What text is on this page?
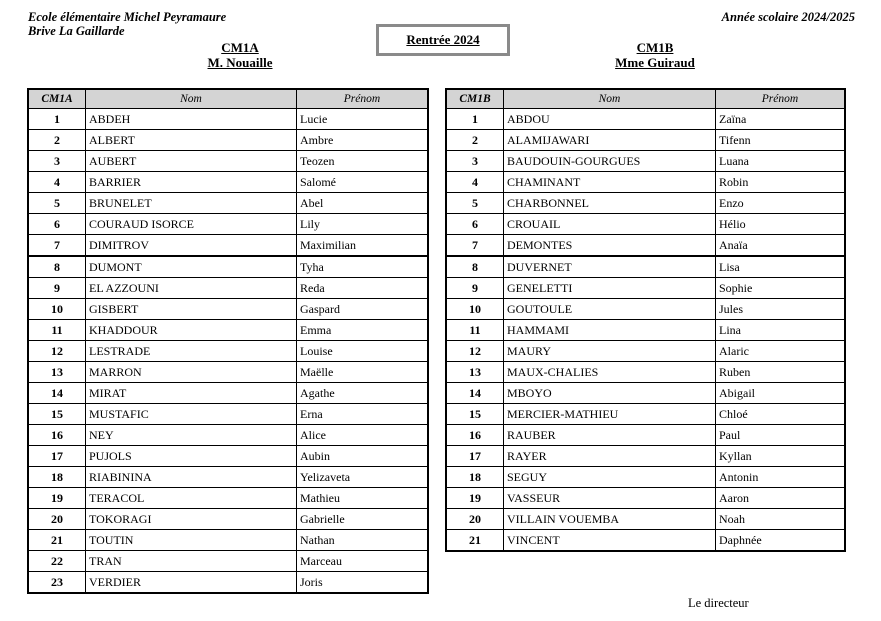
Ecole élémentaire Michel Peyramaure
Brive La Gaillarde
Année scolaire 2024/2025
Rentrée 2024
CM1A
M. Nouaille
CM1B
Mme Guiraud
CM1A	Nom	Prénom
1	ABDEH	Lucie
2	ALBERT	Ambre
3	AUBERT	Teozen
4	BARRIER	Salomé
5	BRUNELET	Abel
6	COURAUD ISORCE	Lily
7	DIMITROV	Maximilian
8	DUMONT	Tyha
9	EL AZZOUNI	Reda
10	GISBERT	Gaspard
11	KHADDOUR	Emma
12	LESTRADE	Louise
13	MARRON	Maëlle
14	MIRAT	Agathe
15	MUSTAFIC	Erna
16	NEY	Alice
17	PUJOLS	Aubin
18	RIABININA	Yelizaveta
19	TERACOL	Mathieu
20	TOKORAGI	Gabrielle
21	TOUTIN	Nathan
22	TRAN	Marceau
23	VERDIER	Joris
CM1B	Nom	Prénom
1	ABDOU	Zaïna
2	ALAMIJAWARI	Tifenn
3	BAUDOUIN-GOURGUES	Luana
4	CHAMINANT	Robin
5	CHARBONNEL	Enzo
6	CROUAIL	Hélio
7	DEMONTES	Anaïa
8	DUVERNET	Lisa
9	GENELETTI	Sophie
10	GOUTOULE	Jules
11	HAMMAMI	Lina
12	MAURY	Alaric
13	MAUX-CHALIES	Ruben
14	MBOYO	Abigail
15	MERCIER-MATHIEU	Chloé
16	RAUBER	Paul
17	RAYER	Kyllan
18	SEGUY	Antonin
19	VASSEUR	Aaron
20	VILLAIN VOUEMBA	Noah
21	VINCENT	Daphnée
Le directeur
